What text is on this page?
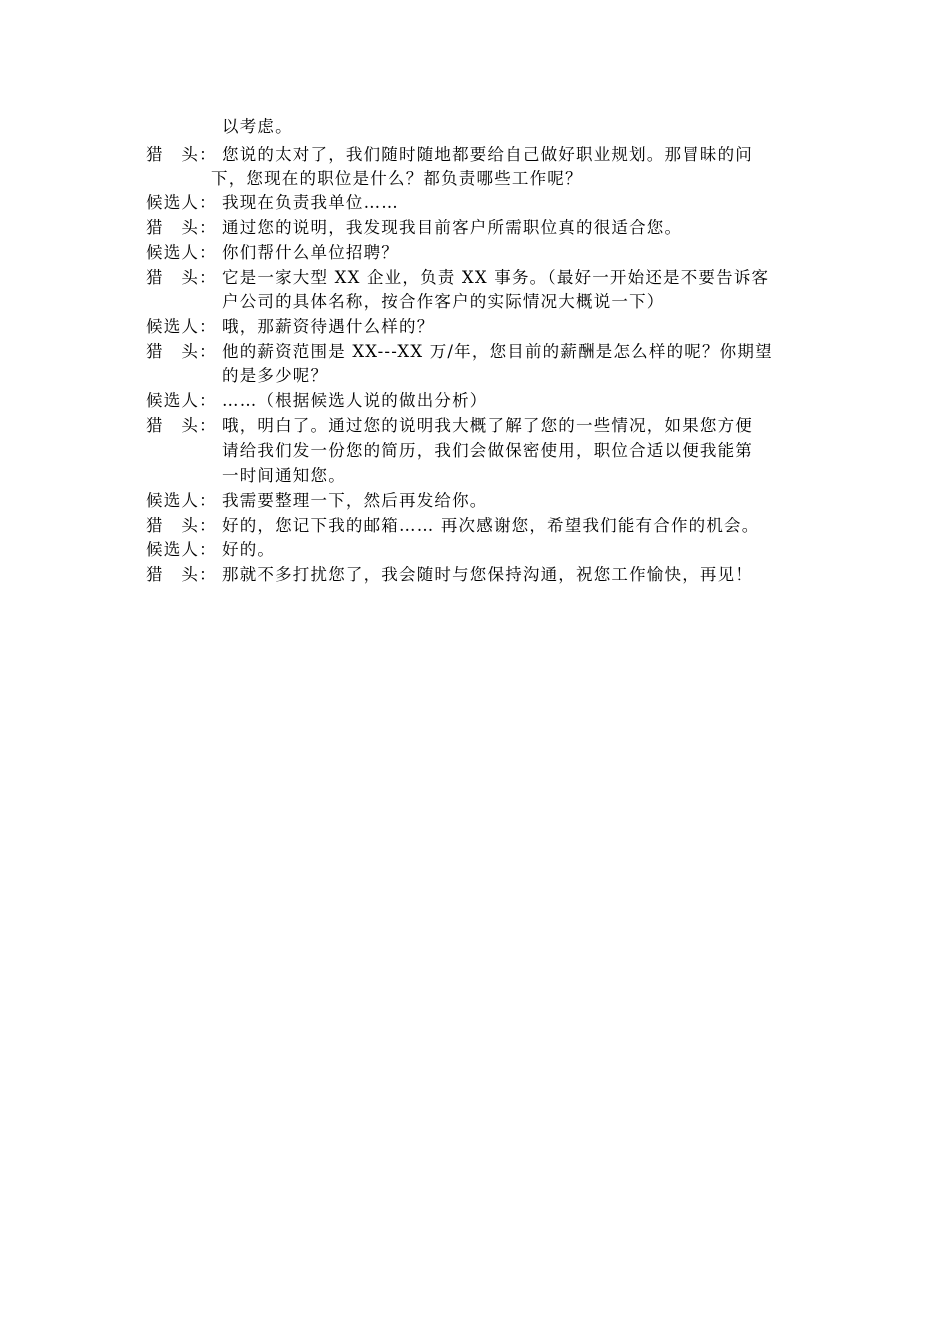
以考虑。
猎　头： 您说的太对了，我们随时随地都要给自己做好职业规划。那冒昧的问
下，您现在的职位是什么？都负责哪些工作呢？
候选人： 我现在负责我单位……
猎　头： 通过您的说明，我发现我目前客户所需职位真的很适合您。
候选人： 你们帮什么单位招聘？
猎　头： 它是一家大型 XX 企业，负责 XX 事务。（最好一开始还是不要告诉客
户公司的具体名称，按合作客户的实际情况大概说一下）
候选人： 哦，那薪资待遇什么样的？
猎　头： 他的薪资范围是 XX---XX 万/年，您目前的薪酬是怎么样的呢？你期望
的是多少呢？
候选人： ……（根据候选人说的做出分析）
猎　头： 哦，明白了。通过您的说明我大概了解了您的一些情况，如果您方便
请给我们发一份您的简历，我们会做保密使用，职位合适以便我能第
一时间通知您。
候选人： 我需要整理一下，然后再发给你。
猎　头： 好的，您记下我的邮箱…… 再次感谢您，希望我们能有合作的机会。
候选人： 好的。
猎　头： 那就不多打扰您了，我会随时与您保持沟通，祝您工作愉快，再见！
